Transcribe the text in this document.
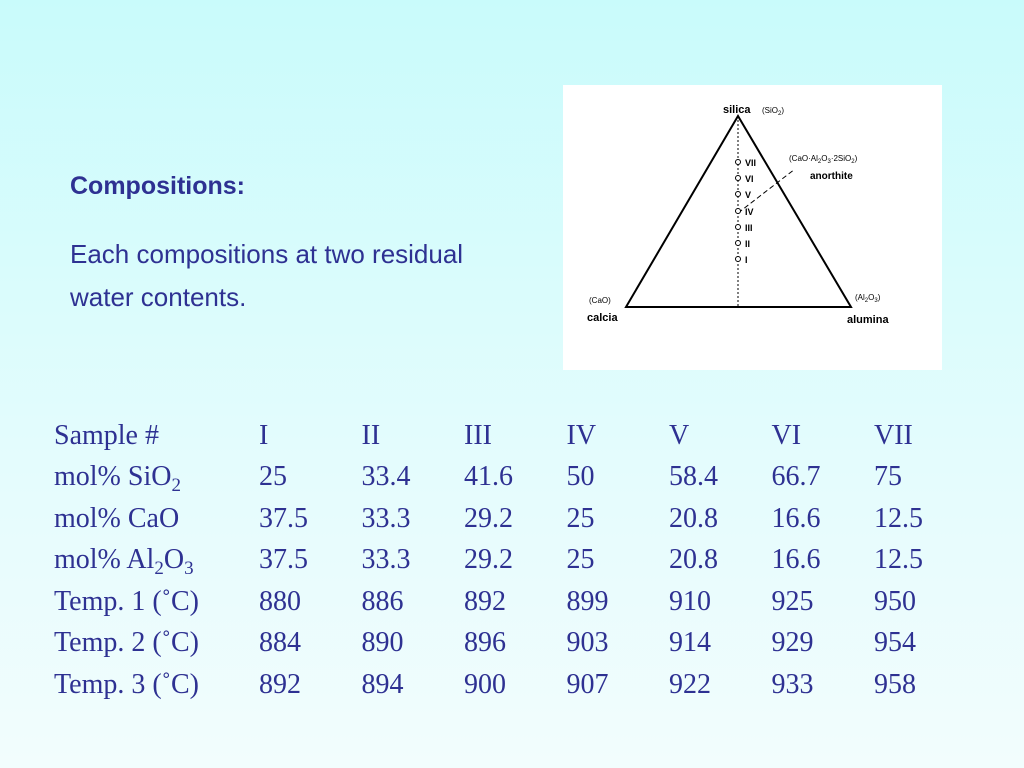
Compositions:
Each compositions at two residual water contents.
silica (SiO$_2$)
(CaO)
calcia
$(Al_2O_3)$
alumina
$(CaO\cdot Al_2O_3\cdot 2SiO_2)$
anorthite
VII
VI
V
IV
III
II
I
Sample #	I	II	III	IV	V	VI	VII
mol% SiO$_2$	25	33.4	41.6	50	58.4	66.7	75
mol% CaO	37.5	33.3	29.2	25	20.8	16.6	12.5
mol% $Al_2O_3$	37.5	33.3	29.2	25	20.8	16.6	12.5
Temp. 1 (˚C)	880	886	892	899	910	925	950
Temp. 2 (˚C)	884	890	896	903	914	929	954
Temp. 3 (˚C)	892	894	900	907	922	933	958
